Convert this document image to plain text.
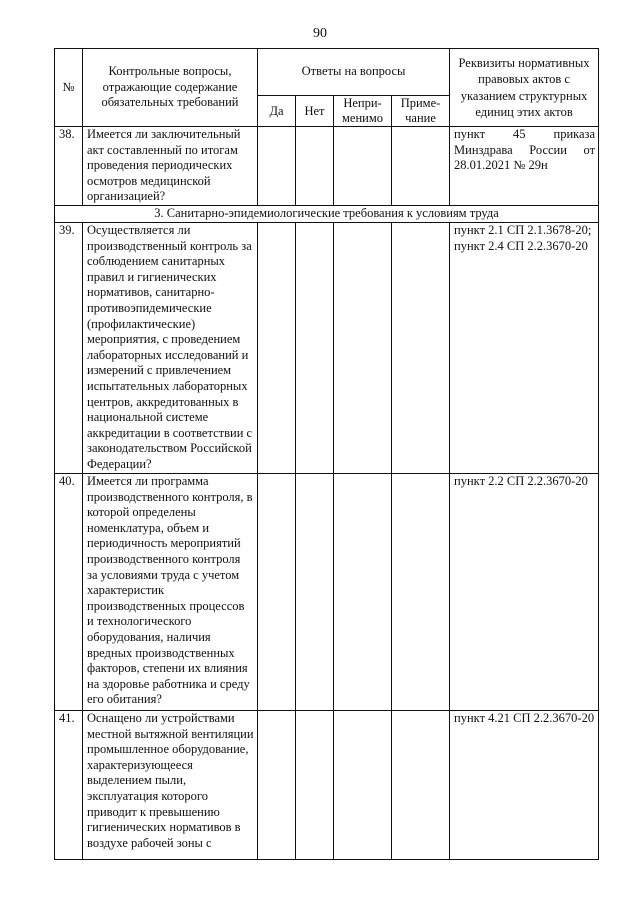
90
№	Контрольные вопросы, отражающие содержание обязательных требований	Ответы на вопросы				Реквизиты нормативных правовых актов с указанием структурных единиц этих актов
		Да	Нет	Непри-менимо	Приме-чание	
38.	Имеется ли заключительный акт составленный по итогам проведения периодических осмотров медицинской организацией?					пункт 45 приказа Минздрава России от 28.01.2021 № 29н

3. Санитарно-эпидемиологические требования к условиям труда						
39.	Осуществляется ли производственный контроль за соблюдением санитарных правил и гигиенических нормативов, санитарно-противоэпидемические (профилактические) мероприятия, с проведением лабораторных исследований и измерений с привлечением испытательных лабораторных центров, аккредитованных в национальной системе аккредитации в соответствии с законодательством Российской Федерации?					пункт 2.1 СП 2.1.3678-20;
пункт 2.4 СП 2.2.3670-20

40.	Имеется ли программа производственного контроля, в которой определены номенклатура, объем и периодичность мероприятий производственного контроля за условиями труда с учетом характеристик производственных процессов и технологического оборудования, наличия вредных производственных факторов, степени их влияния на здоровье работника и среду его обитания?					пункт 2.2 СП 2.2.3670-20

41.	Оснащено ли устройствами местной вытяжной вентиляции промышленное оборудование, характеризующееся выделением пыли, эксплуатация которого приводит к превышению гигиенических нормативов в воздухе рабочей зоны с					пункт 4.21 СП 2.2.3670-20
